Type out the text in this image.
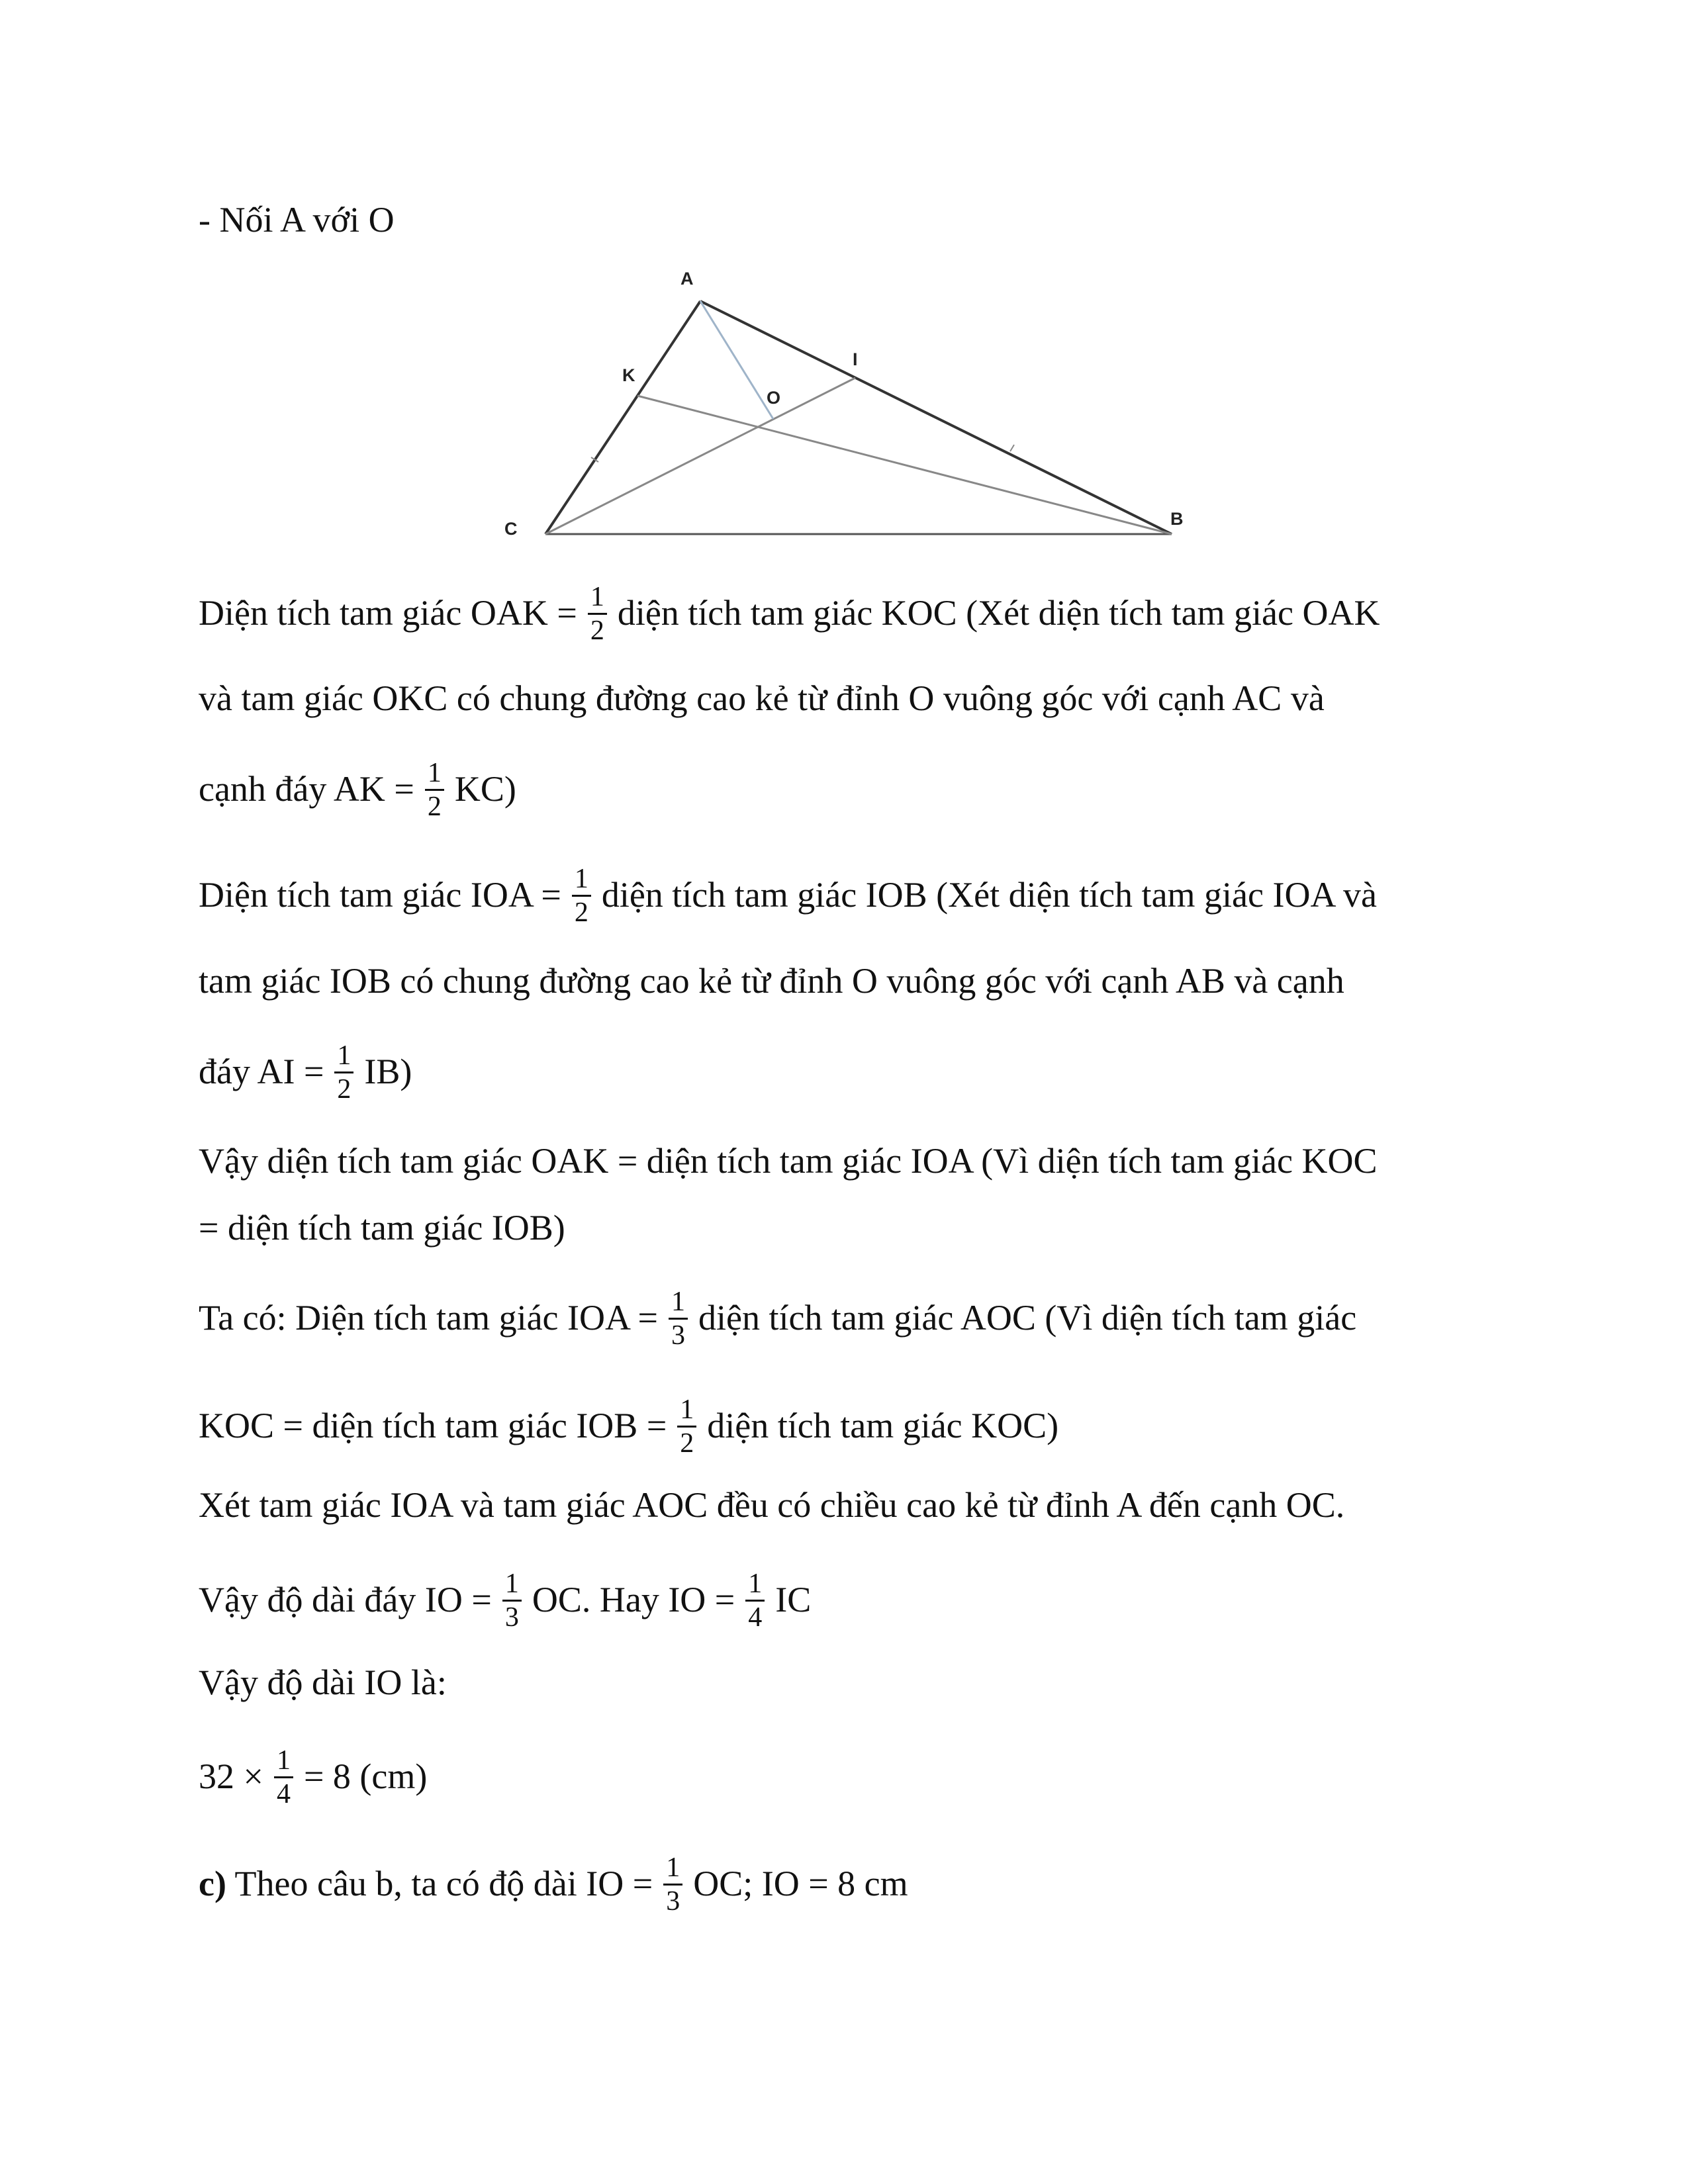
- Nối A với O
A
B
C
K
I
O
Diện tích tam giác OAK = $\frac{1}{2}$ diện tích tam giác KOC (Xét diện tích tam giác OAK
và tam giác OKC có chung đường cao kẻ từ đỉnh O vuông góc với cạnh AC và
cạnh đáy AK = $\frac{1}{2} KC$)
Diện tích tam giác IOA = $\frac{1}{2}$ diện tích tam giác IOB (Xét diện tích tam giác IOA và
tam giác IOB có chung đường cao kẻ từ đỉnh O vuông góc với cạnh AB và cạnh
đáy AI = $\frac{1}{2} IB$)
Vậy diện tích tam giác OAK = diện tích tam giác IOA (Vì diện tích tam giác KOC
= diện tích tam giác IOB)
Ta có: Diện tích tam giác IOA = $\frac{1}{3}$ diện tích tam giác AOC (Vì diện tích tam giác
KOC = diện tích tam giác IOB = $\frac{1}{2}$ diện tích tam giác KOC)
Xét tam giác IOA và tam giác AOC đều có chiều cao kẻ từ đỉnh A đến cạnh OC.
Vậy độ dài đáy IO = $\frac{1}{3}$ OC. Hay IO = $\frac{1}{4}$ IC
Vậy độ dài IO là:
$32 \times \frac{1}{4} = 8$ (cm)
c) Theo câu b, ta có độ dài IO = $\frac{1}{3}$ OC; IO = 8 cm
